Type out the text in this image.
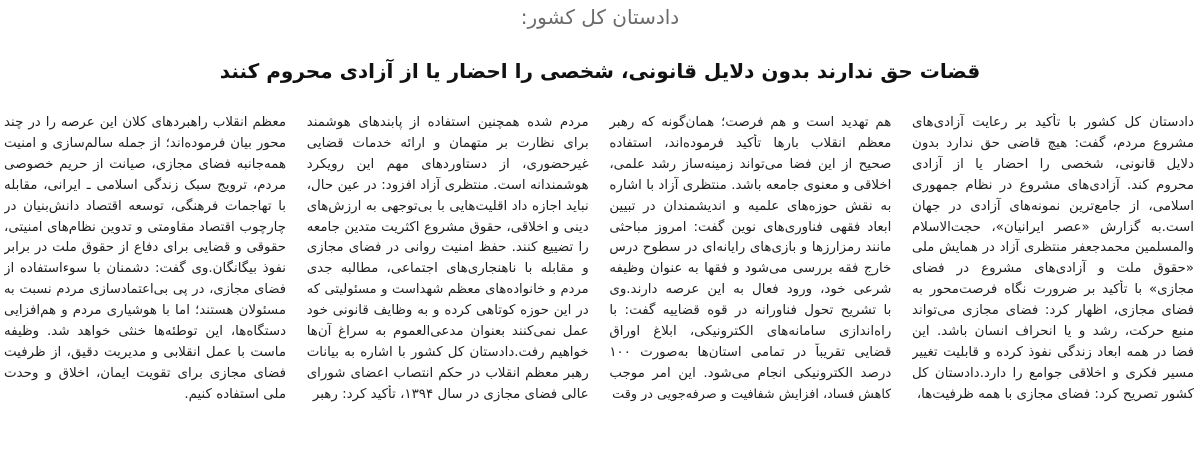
دادستان کل کشور:
قضات حق ندارند بدون دلایل قانونی، شخصی را احضار یا از آزادی محروم کنند
دادستان کل کشور با تأکید بر رعایت آزادی‌های
مشروع مردم، گفت: هیچ قاضی حق ندارد بدون
دلایل قانونی، شخصی را احضار یا از آزادی
محروم کند. آزادی‌های مشروع در نظام جمهوری
اسلامی، از جامع‌ترین نمونه‌های آزادی در جهان
است.به گزارش «عصر ایرانیان»، حجت‌الاسلام
والمسلمین محمدجعفر منتظری آزاد در همایش ملی
«حقوق ملت و آزادی‌های مشروع در فضای
مجازی» با تأکید بر ضرورت نگاه فرصت‌محور به
فضای مجازی، اظهار کرد: فضای مجازی می‌تواند
منبع حرکت، رشد و یا انحراف انسان باشد. این
فضا در همه ابعاد زندگی نفوذ کرده و قابلیت تغییر
مسیر فکری و اخلاقی جوامع را دارد.دادستان کل
کشور تصریح کرد: فضای مجازی با همه ظرفیت‌ها،
هم تهدید است و هم فرصت؛ همان‌گونه که رهبر
معظم انقلاب بارها تأکید فرموده‌اند، استفاده
صحیح از این فضا می‌تواند زمینه‌ساز رشد علمی،
اخلاقی و معنوی جامعه باشد. منتظری آزاد با اشاره
به نقش حوزه‌های علمیه و اندیشمندان در تبیین
ابعاد فقهی فناوری‌های نوین گفت: امروز مباحثی
مانند رمزارزها و بازی‌های رایانه‌ای در سطوح درس
خارج فقه بررسی می‌شود و فقها به عنوان وظیفه
شرعی خود، ورود فعال به این عرصه دارند.وی
با تشریح تحول فناورانه در قوه قضاییه گفت: با
راه‌اندازی سامانه‌های الکترونیکی، ابلاغ اوراق
قضایی تقریباً در تمامی استان‌ها به‌صورت ۱۰۰
درصد الکترونیکی انجام می‌شود. این امر موجب
کاهش فساد، افزایش شفافیت و صرفه‌جویی در وقت
مردم شده همچنین استفاده از پابندهای هوشمند
برای نظارت بر متهمان و ارائه خدمات قضایی
غیرحضوری، از دستاوردهای مهم این رویکرد
هوشمندانه است. منتظری آزاد افزود: در عین حال،
نباید اجازه داد اقلیت‌هایی با بی‌توجهی به ارزش‌های
دینی و اخلاقی، حقوق مشروع اکثریت متدین جامعه
را تضییع کنند. حفظ امنیت روانی در فضای مجازی
و مقابله با ناهنجاری‌های اجتماعی، مطالبه جدی
مردم و خانواده‌های معظم شهداست و مسئولیتی که
در این حوزه کوتاهی کرده و به وظایف قانونی خود
عمل نمی‌کنند بعنوان مدعی‌العموم به سراغ آن‌ها
خواهیم رفت.دادستان کل کشور با اشاره به بیانات
رهبر معظم انقلاب در حکم انتصاب اعضای شورای
عالی فضای مجازی در سال ۱۳۹۴، تأکید کرد: رهبر
معظم انقلاب راهبردهای کلان این عرصه را در چند
محور بیان فرموده‌اند؛ از جمله سالم‌سازی و امنیت
همه‌جانبه فضای مجازی، صیانت از حریم خصوصی
مردم، ترویج سبک زندگی اسلامی ـ ایرانی، مقابله
با تهاجمات فرهنگی، توسعه اقتصاد دانش‌بنیان در
چارچوب اقتصاد مقاومتی و تدوین نظام‌های امنیتی،
حقوقی و قضایی برای دفاع از حقوق ملت در برابر
نفوذ بیگانگان.وی گفت: دشمنان با سوءاستفاده از
فضای مجازی، در پی بی‌اعتمادسازی مردم نسبت به
مسئولان هستند؛ اما با هوشیاری مردم و هم‌افزایی
دستگاه‌ها، این توطئه‌ها خنثی خواهد شد. وظیفه
ماست با عمل انقلابی و مدیریت دقیق، از ظرفیت
فضای مجازی برای تقویت ایمان، اخلاق و وحدت
ملی استفاده کنیم.
